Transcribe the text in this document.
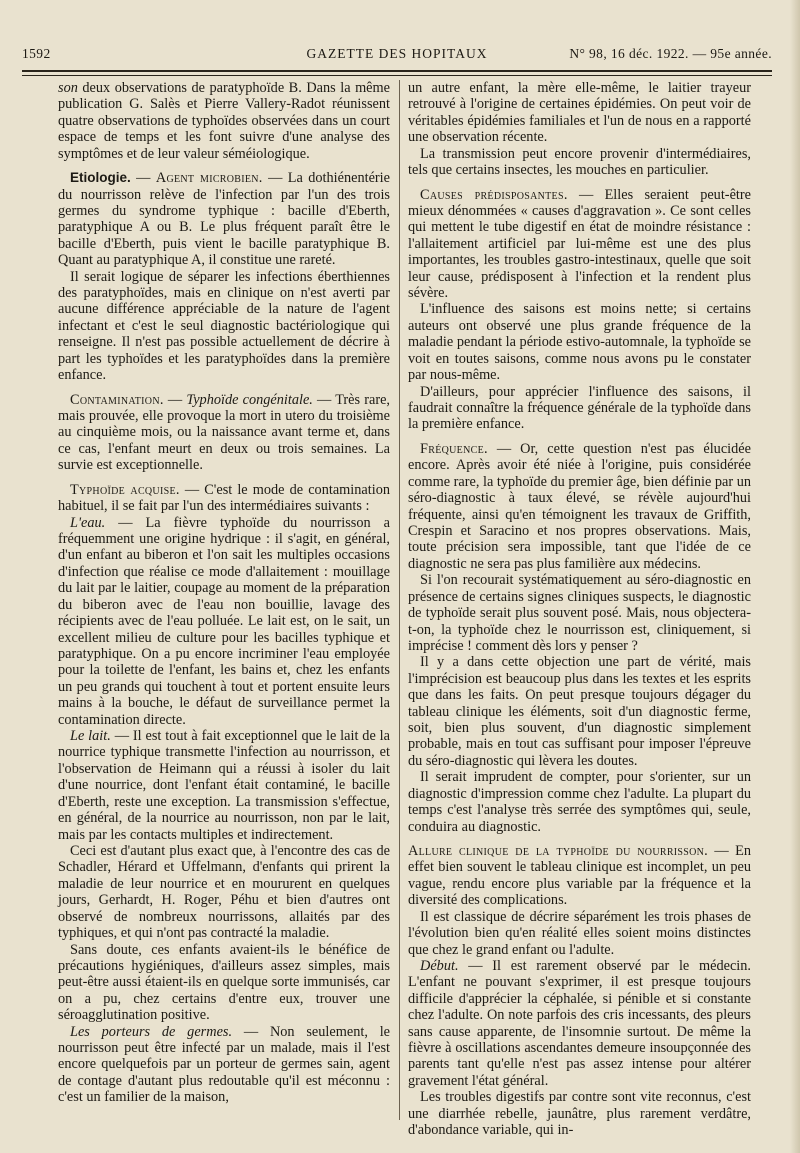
1592	GAZETTE DES HOPITAUX	N° 98, 16 déc. 1922. — 95e année.

son deux observations de paratyphoïde B. Dans la même publication G. Salès et Pierre Vallery-Radot réunissent quatre observations de typhoïdes observées dans un court espace de temps et les font suivre d'une analyse des symptômes et de leur valeur séméiologique.

Etiologie. — Agent microbien. — La dothiénentérie du nourrisson relève de l'infection par l'un des trois germes du syndrome typhique : bacille d'Eberth, paratyphique A ou B. Le plus fréquent paraît être le bacille d'Eberth, puis vient le bacille paratyphique B. Quant au paratyphique A, il constitue une rareté.

Il serait logique de séparer les infections éberthiennes des paratyphoïdes, mais en clinique on n'est averti par aucune différence appréciable de la nature de l'agent infectant et c'est le seul diagnostic bactériologique qui renseigne. Il n'est pas possible actuellement de décrire à part les typhoïdes et les paratyphoïdes dans la première enfance.

Contamination. — Typhoïde congénitale. — Très rare, mais prouvée, elle provoque la mort in utero du troisième au cinquième mois, ou la naissance avant terme et, dans ce cas, l'enfant meurt en deux ou trois semaines. La survie est exceptionnelle.

Typhoïde acquise. — C'est le mode de contamination habituel, il se fait par l'un des intermédiaires suivants :

L'eau. — La fièvre typhoïde du nourrisson a fréquemment une origine hydrique : il s'agit, en général, d'un enfant au biberon et l'on sait les multiples occasions d'infection que réalise ce mode d'allaitement : mouillage du lait par le laitier, coupage au moment de la préparation du biberon avec de l'eau non bouillie, lavage des récipients avec de l'eau polluée. Le lait est, on le sait, un excellent milieu de culture pour les bacilles typhique et paratyphique. On a pu encore incriminer l'eau employée pour la toilette de l'enfant, les bains et, chez les enfants un peu grands qui touchent à tout et portent ensuite leurs mains à la bouche, le défaut de surveillance permet la contamination directe.

Le lait. — Il est tout à fait exceptionnel que le lait de la nourrice typhique transmette l'infection au nourrisson, et l'observation de Heimann qui a réussi à isoler du lait d'une nourrice, dont l'enfant était contaminé, le bacille d'Eberth, reste une exception. La transmission s'effectue, en général, de la nourrice au nourrisson, non par le lait, mais par les contacts multiples et indirectement.

Ceci est d'autant plus exact que, à l'encontre des cas de Schadler, Hérard et Uffelmann, d'enfants qui prirent la maladie de leur nourrice et en moururent en quelques jours, Gerhardt, H. Roger, Péhu et bien d'autres ont observé de nombreux nourrissons, allaités par des typhiques, et qui n'ont pas contracté la maladie.

Sans doute, ces enfants avaient-ils le bénéfice de précautions hygiéniques, d'ailleurs assez simples, mais peut-être aussi étaient-ils en quelque sorte immunisés, car on a pu, chez certains d'entre eux, trouver une séroagglutination positive.

Les porteurs de germes. — Non seulement, le nourrisson peut être infecté par un malade, mais il l'est encore quelquefois par un porteur de germes sain, agent de contage d'autant plus redoutable qu'il est méconnu : c'est un familier de la maison,

un autre enfant, la mère elle-même, le laitier trayeur retrouvé à l'origine de certaines épidémies. On peut voir de véritables épidémies familiales et l'un de nous en a rapporté une observation récente.

La transmission peut encore provenir d'intermédiaires, tels que certains insectes, les mouches en particulier.

Causes prédisposantes. — Elles seraient peut-être mieux dénommées « causes d'aggravation ». Ce sont celles qui mettent le tube digestif en état de moindre résistance : l'allaitement artificiel par lui-même est une des plus importantes, les troubles gastro-intestinaux, quelle que soit leur cause, prédisposent à l'infection et la rendent plus sévère.

L'influence des saisons est moins nette; si certains auteurs ont observé une plus grande fréquence de la maladie pendant la période estivo-automnale, la typhoïde se voit en toutes saisons, comme nous avons pu le constater par nous-même.

D'ailleurs, pour apprécier l'influence des saisons, il faudrait connaître la fréquence générale de la typhoïde dans la première enfance.

Fréquence. — Or, cette question n'est pas élucidée encore. Après avoir été niée à l'origine, puis considérée comme rare, la typhoïde du premier âge, bien définie par un séro-diagnostic à taux élevé, se révèle aujourd'hui fréquente, ainsi qu'en témoignent les travaux de Griffith, Crespin et Saracino et nos propres observations. Mais, toute précision sera impossible, tant que l'idée de ce diagnostic ne sera pas plus familière aux médecins.

Si l'on recourait systématiquement au séro-diagnostic en présence de certains signes cliniques suspects, le diagnostic de typhoïde serait plus souvent posé. Mais, nous objectera-t-on, la typhoïde chez le nourrisson est, cliniquement, si imprécise ! comment dès lors y penser ?

Il y a dans cette objection une part de vérité, mais l'imprécision est beaucoup plus dans les textes et les esprits que dans les faits. On peut presque toujours dégager du tableau clinique les éléments, soit d'un diagnostic ferme, soit, bien plus souvent, d'un diagnostic simplement probable, mais en tout cas suffisant pour imposer l'épreuve du séro-diagnostic qui lèvera les doutes.

Il serait imprudent de compter, pour s'orienter, sur un diagnostic d'impression comme chez l'adulte. La plupart du temps c'est l'analyse très serrée des symptômes qui, seule, conduira au diagnostic.

Allure clinique de la typhoïde du nourrisson. — En effet bien souvent le tableau clinique est incomplet, un peu vague, rendu encore plus variable par la fréquence et la diversité des complications.

Il est classique de décrire séparément les trois phases de l'évolution bien qu'en réalité elles soient moins distinctes que chez le grand enfant ou l'adulte.

Début. — Il est rarement observé par le médecin. L'enfant ne pouvant s'exprimer, il est presque toujours difficile d'apprécier la céphalée, si pénible et si constante chez l'adulte. On note parfois des cris incessants, des pleurs sans cause apparente, de l'insomnie surtout. De même la fièvre à oscillations ascendantes demeure insoupçonnée des parents tant qu'elle n'est pas assez intense pour altérer gravement l'état général.

Les troubles digestifs par contre sont vite reconnus, c'est une diarrhée rebelle, jaunâtre, plus rarement verdâtre, d'abondance variable, qui in-
